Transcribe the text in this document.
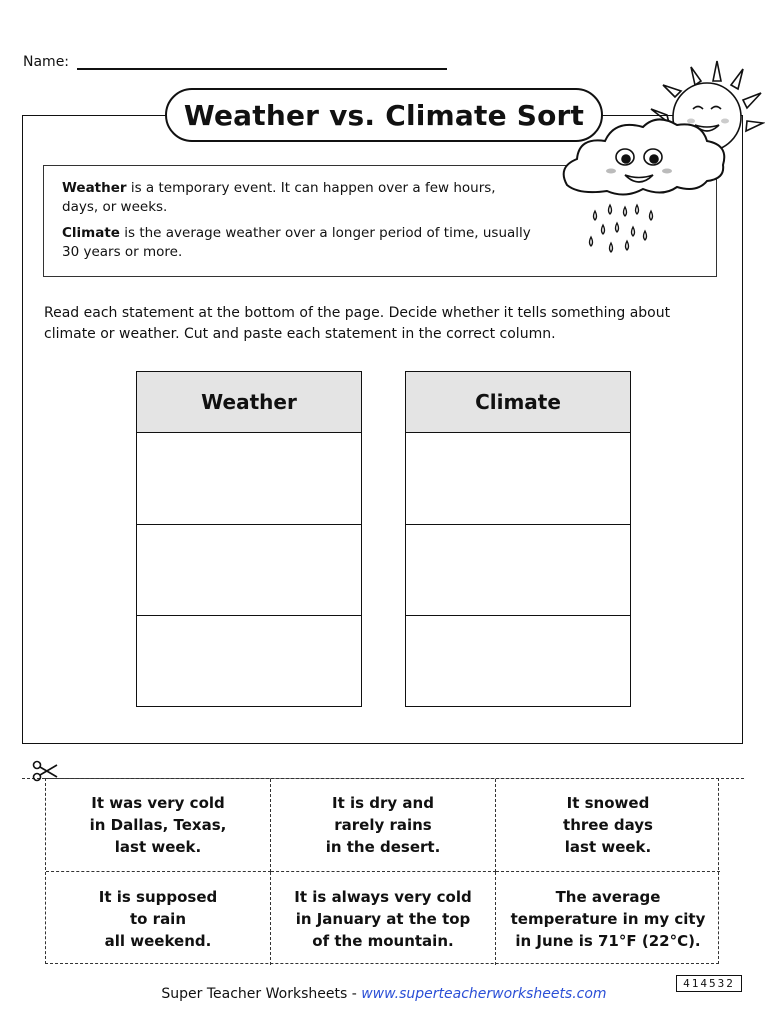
Name:
Weather vs. Climate Sort
Weather is a temporary event. It can happen over a few hours, days, or weeks.
Climate is the average weather over a longer period of time, usually 30 years or more.
Read each statement at the bottom of the page. Decide whether it tells something about climate or weather. Cut and paste each statement in the correct column.
Weather	Climate
It was very cold
in Dallas, Texas,
last week.
It is dry and
rarely rains
in the desert.
It snowed
three days
last week.
It is supposed
to rain
all weekend.
It is always very cold
in January at the top
of the mountain.
The average
temperature in my city
in June is 71°F (22°C).
Super Teacher Worksheets - www.superteacherworksheets.com
414532
